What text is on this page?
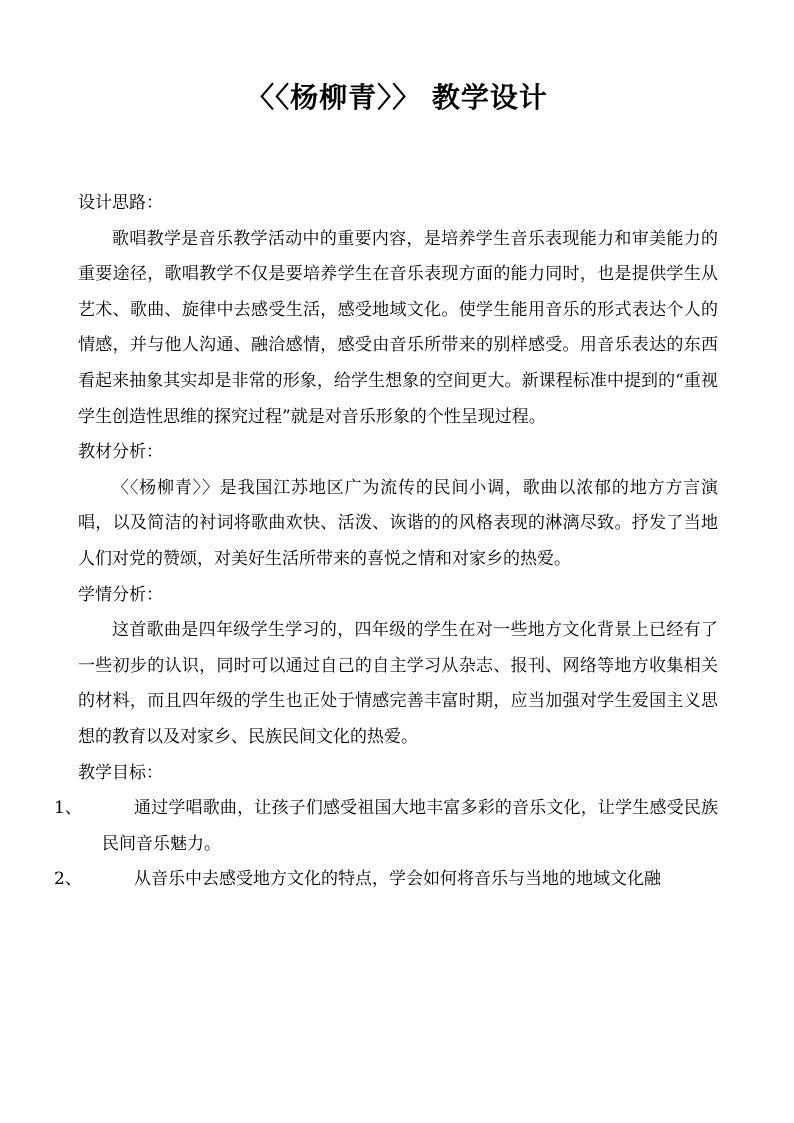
〈〈杨柳青〉〉 教学设计

设计思路：

歌唱教学是音乐教学活动中的重要内容，是培养学生音乐表现能力和审美能力的重要途径，歌唱教学不仅是要培养学生在音乐表现方面的能力同时，也是提供学生从艺术、歌曲、旋律中去感受生活，感受地域文化。使学生能用音乐的形式表达个人的情感，并与他人沟通、融洽感情，感受由音乐所带来的别样感受。用音乐表达的东西看起来抽象其实却是非常的形象，给学生想象的空间更大。新课程标准中提到的“重视学生创造性思维的探究过程”就是对音乐形象的个性呈现过程。

教材分析：

〈〈杨柳青〉〉是我国江苏地区广为流传的民间小调，歌曲以浓郁的地方方言演唱，以及简洁的衬词将歌曲欢快、活泼、诙谐的的风格表现的淋漓尽致。抒发了当地人们对党的赞颂，对美好生活所带来的喜悦之情和对家乡的热爱。

学情分析：

这首歌曲是四年级学生学习的，四年级的学生在对一些地方文化背景上已经有了一些初步的认识，同时可以通过自己的自主学习从杂志、报刊、网络等地方收集相关的材料，而且四年级的学生也正处于情感完善丰富时期，应当加强对学生爱国主义思想的教育以及对家乡、民族民间文化的热爱。

教学目标：

1、	通过学唱歌曲，让孩子们感受祖国大地丰富多彩的音乐文化，让学生感受民族民间音乐魅力。

2、	从音乐中去感受地方文化的特点，学会如何将音乐与当地的地域文化融
